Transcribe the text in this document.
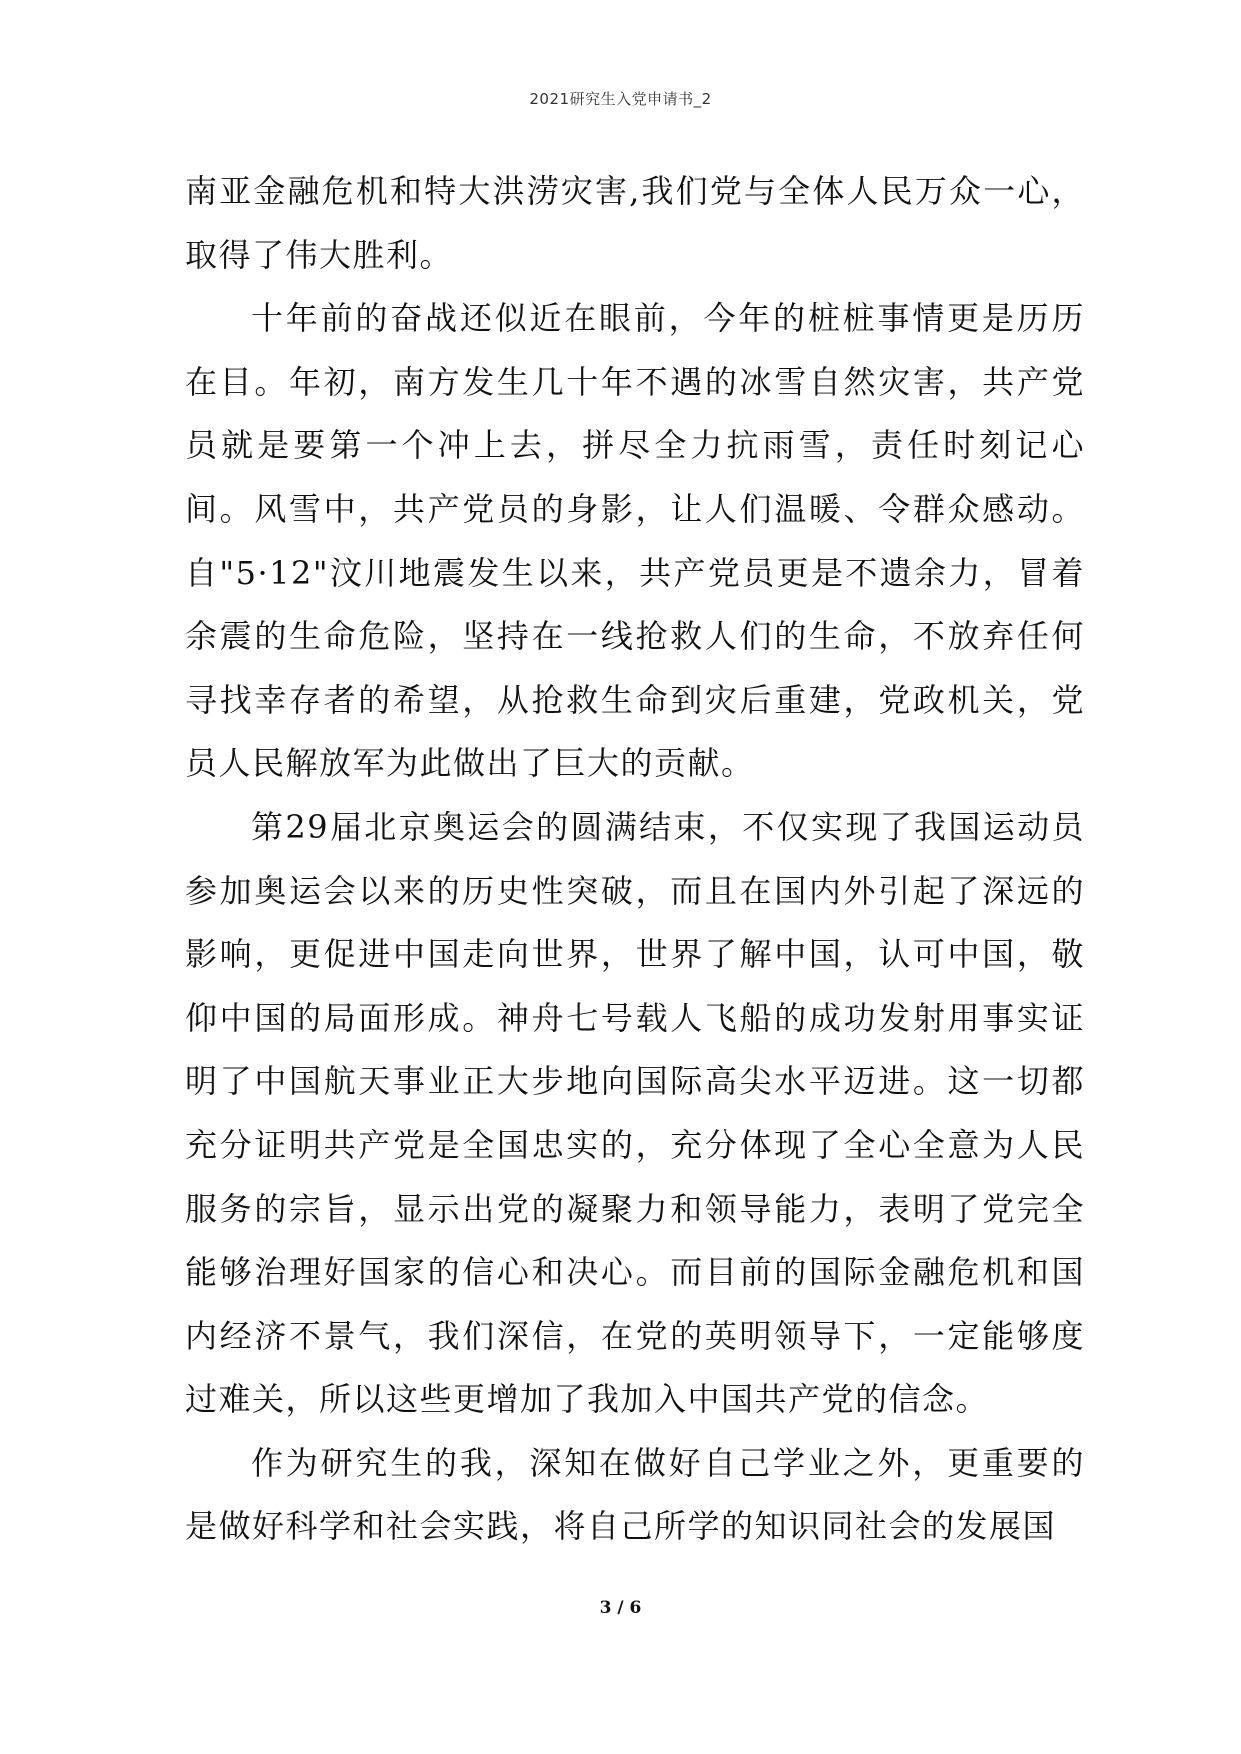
2021研究生入党申请书_2

南亚金融危机和特大洪涝灾害,我们党与全体人民万众一心，取得了伟大胜利。

十年前的奋战还似近在眼前，今年的桩桩事情更是历历在目。年初，南方发生几十年不遇的冰雪自然灾害，共产党员就是要第一个冲上去，拼尽全力抗雨雪，责任时刻记心间。风雪中，共产党员的身影，让人们温暖、令群众感动。自"5·12"汶川地震发生以来，共产党员更是不遗余力，冒着余震的生命危险，坚持在一线抢救人们的生命，不放弃任何寻找幸存者的希望，从抢救生命到灾后重建，党政机关，党员人民解放军为此做出了巨大的贡献。

第29届北京奥运会的圆满结束，不仅实现了我国运动员参加奥运会以来的历史性突破，而且在国内外引起了深远的影响，更促进中国走向世界，世界了解中国，认可中国，敬仰中国的局面形成。神舟七号载人飞船的成功发射用事实证明了中国航天事业正大步地向国际高尖水平迈进。这一切都充分证明共产党是全国忠实的，充分体现了全心全意为人民服务的宗旨，显示出党的凝聚力和领导能力，表明了党完全能够治理好国家的信心和决心。而目前的国际金融危机和国内经济不景气，我们深信，在党的英明领导下，一定能够度过难关，所以这些更增加了我加入中国共产党的信念。

作为研究生的我，深知在做好自己学业之外，更重要的是做好科学和社会实践，将自己所学的知识同社会的发展国

3 / 6
